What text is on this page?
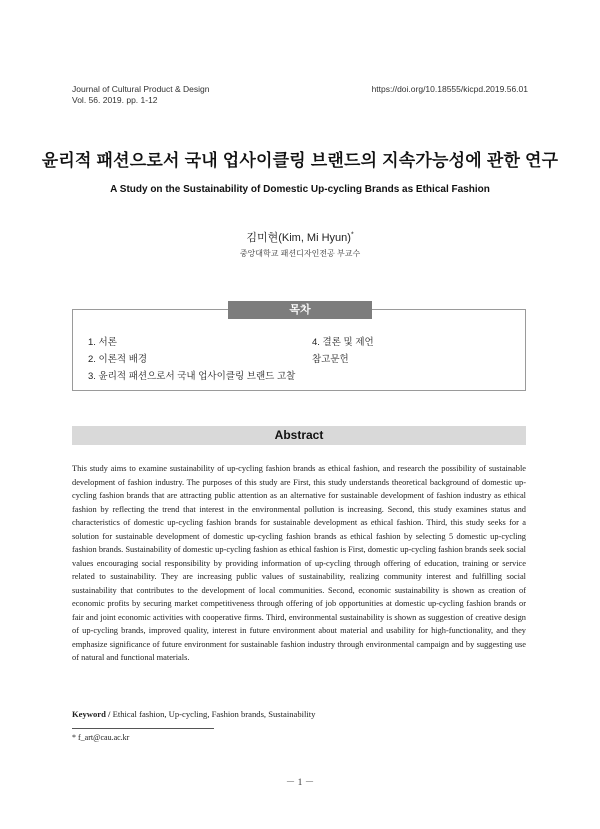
Journal of Cultural Product & Design
Vol. 56. 2019. pp. 1-12
https://doi.org/10.18555/kicpd.2019.56.01
윤리적 패션으로서 국내 업사이클링 브랜드의 지속가능성에 관한 연구
A Study on the Sustainability of Domestic Up-cycling Brands as Ethical Fashion
김미현(Kim, Mi Hyun)*
중앙대학교 패션디자인전공 부교수
목차
1. 서론
2. 이론적 배경
3. 윤리적 패션으로서 국내 업사이클링 브랜드 고찰
4. 결론 및 제언
참고문헌
Abstract

This study aims to examine sustainability of up-cycling fashion brands as ethical fashion, and research the possibility of sustainable development of fashion industry. The purposes of this study are First, this study understands theoretical background of domestic up-cycling fashion brands that are attracting public attention as an alternative for sustainable development of fashion industry as ethical fashion by reflecting the trend that interest in the environmental pollution is increasing. Second, this study examines status and characteristics of domestic up-cycling fashion brands for sustainable development as ethical fashion. Third, this study seeks for a solution for sustainable development of domestic up-cycling fashion brands as ethical fashion by selecting 5 domestic up-cycling fashion brands. Sustainability of domestic up-cycling fashion as ethical fashion is First, domestic up-cycling fashion brands seek social values encouraging social responsibility by providing information of up-cycling through offering of education, training or service related to sustainability. They are increasing public values of sustainability, realizing community interest and fulfilling social sustainability that contributes to the development of local communities. Second, economic sustainability is shown as creation of economic profits by securing market competitiveness through offering of job opportunities at domestic up-cycling fashion brands or fair and joint economic activities with cooperative firms. Third, environmental sustainability is shown as suggestion of creative design of up-cycling brands, improved quality, interest in future environment about material and usability for high-functionality, and they emphasize significance of future environment for sustainable fashion industry through environmental campaign and by suggesting use of natural and functional materials.

Keyword / Ethical fashion, Up-cycling, Fashion brands, Sustainability
* f_art@cau.ac.kr
－ 1 －
